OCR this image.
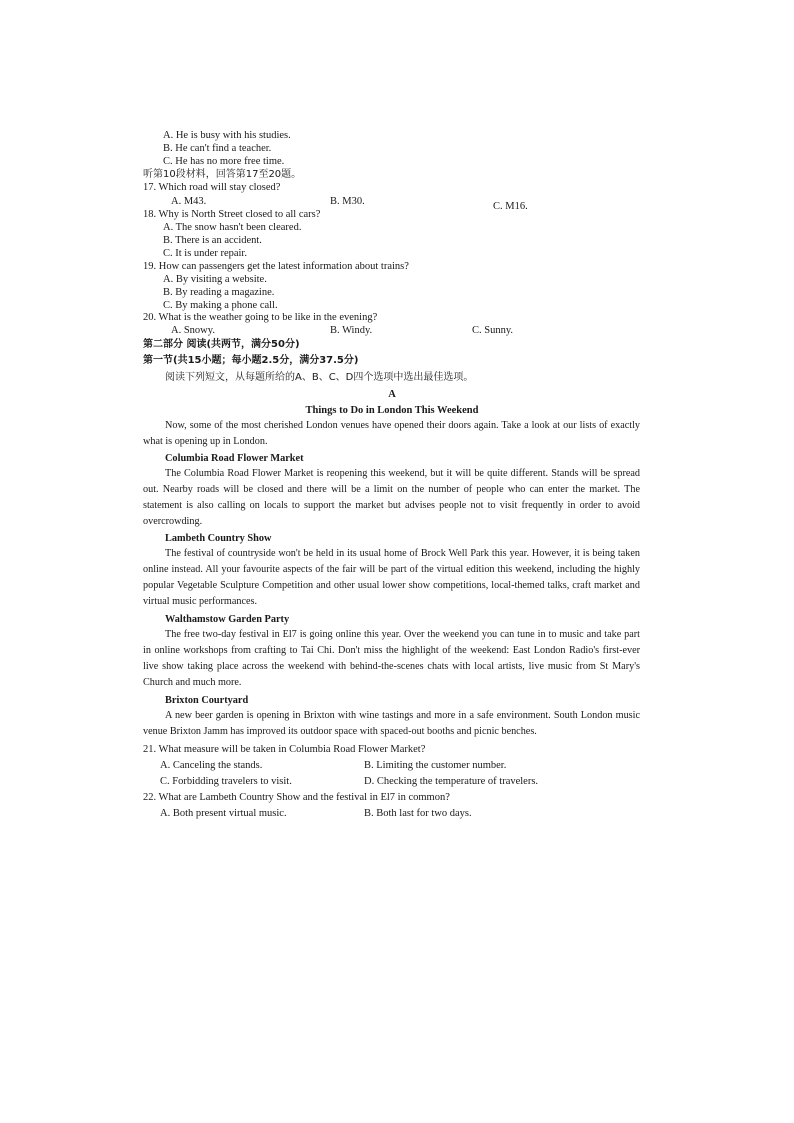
A. He is busy with his studies.
B. He can't find a teacher.
C. He has no more free time.
听第10段材料，回答第17至20题。
17. Which road will stay closed?
A. M43.	B. M30.	C. M16.
18. Why is North Street closed to all cars?
A. The snow hasn't been cleared.
B. There is an accident.
C. It is under repair.
19. How can passengers get the latest information about trains?
A. By visiting a website.
B. By reading a magazine.
C. By making a phone call.
20. What is the weather going to be like in the evening?
A. Snowy.	B. Windy.	C. Sunny.
第二部分 阅读(共两节，满分50分)
第一节(共15小题；每小题2.5分，满分37.5分)
阅读下列短文，从每题所给的A、B、C、D四个选项中选出最佳选项。
A
Things to Do in London This Weekend

Now, some of the most cherished London venues have opened their doors again. Take a look at our lists of exactly what is opening up in London.

Columbia Road Flower Market

The Columbia Road Flower Market is reopening this weekend, but it will be quite different. Stands will be spread out. Nearby roads will be closed and there will be a limit on the number of people who can enter the market. The statement is also calling on locals to support the market but advises people not to visit frequently in order to avoid overcrowding.

Lambeth Country Show

The festival of countryside won't be held in its usual home of Brock Well Park this year. However, it is being taken online instead. All your favourite aspects of the fair will be part of the virtual edition this weekend, including the highly popular Vegetable Sculpture Competition and other usual lower show competitions, local-themed talks, craft market and virtual music performances.

Walthamstow Garden Party

The free two-day festival in El7 is going online this year. Over the weekend you can tune in to music and take part in online workshops from crafting to Tai Chi. Don't miss the highlight of the weekend: East London Radio's first-ever live show taking place across the weekend with behind-the-scenes chats with local artists, live music from St Mary's Church and much more.

Brixton Courtyard

A new beer garden is opening in Brixton with wine tastings and more in a safe environment. South London music venue Brixton Jamm has improved its outdoor space with spaced-out booths and picnic benches.

21. What measure will be taken in Columbia Road Flower Market?
A. Canceling the stands.	B. Limiting the customer number.
C. Forbidding travelers to visit.	D. Checking the temperature of travelers.
22. What are Lambeth Country Show and the festival in El7 in common?
A. Both present virtual music.	B. Both last for two days.
